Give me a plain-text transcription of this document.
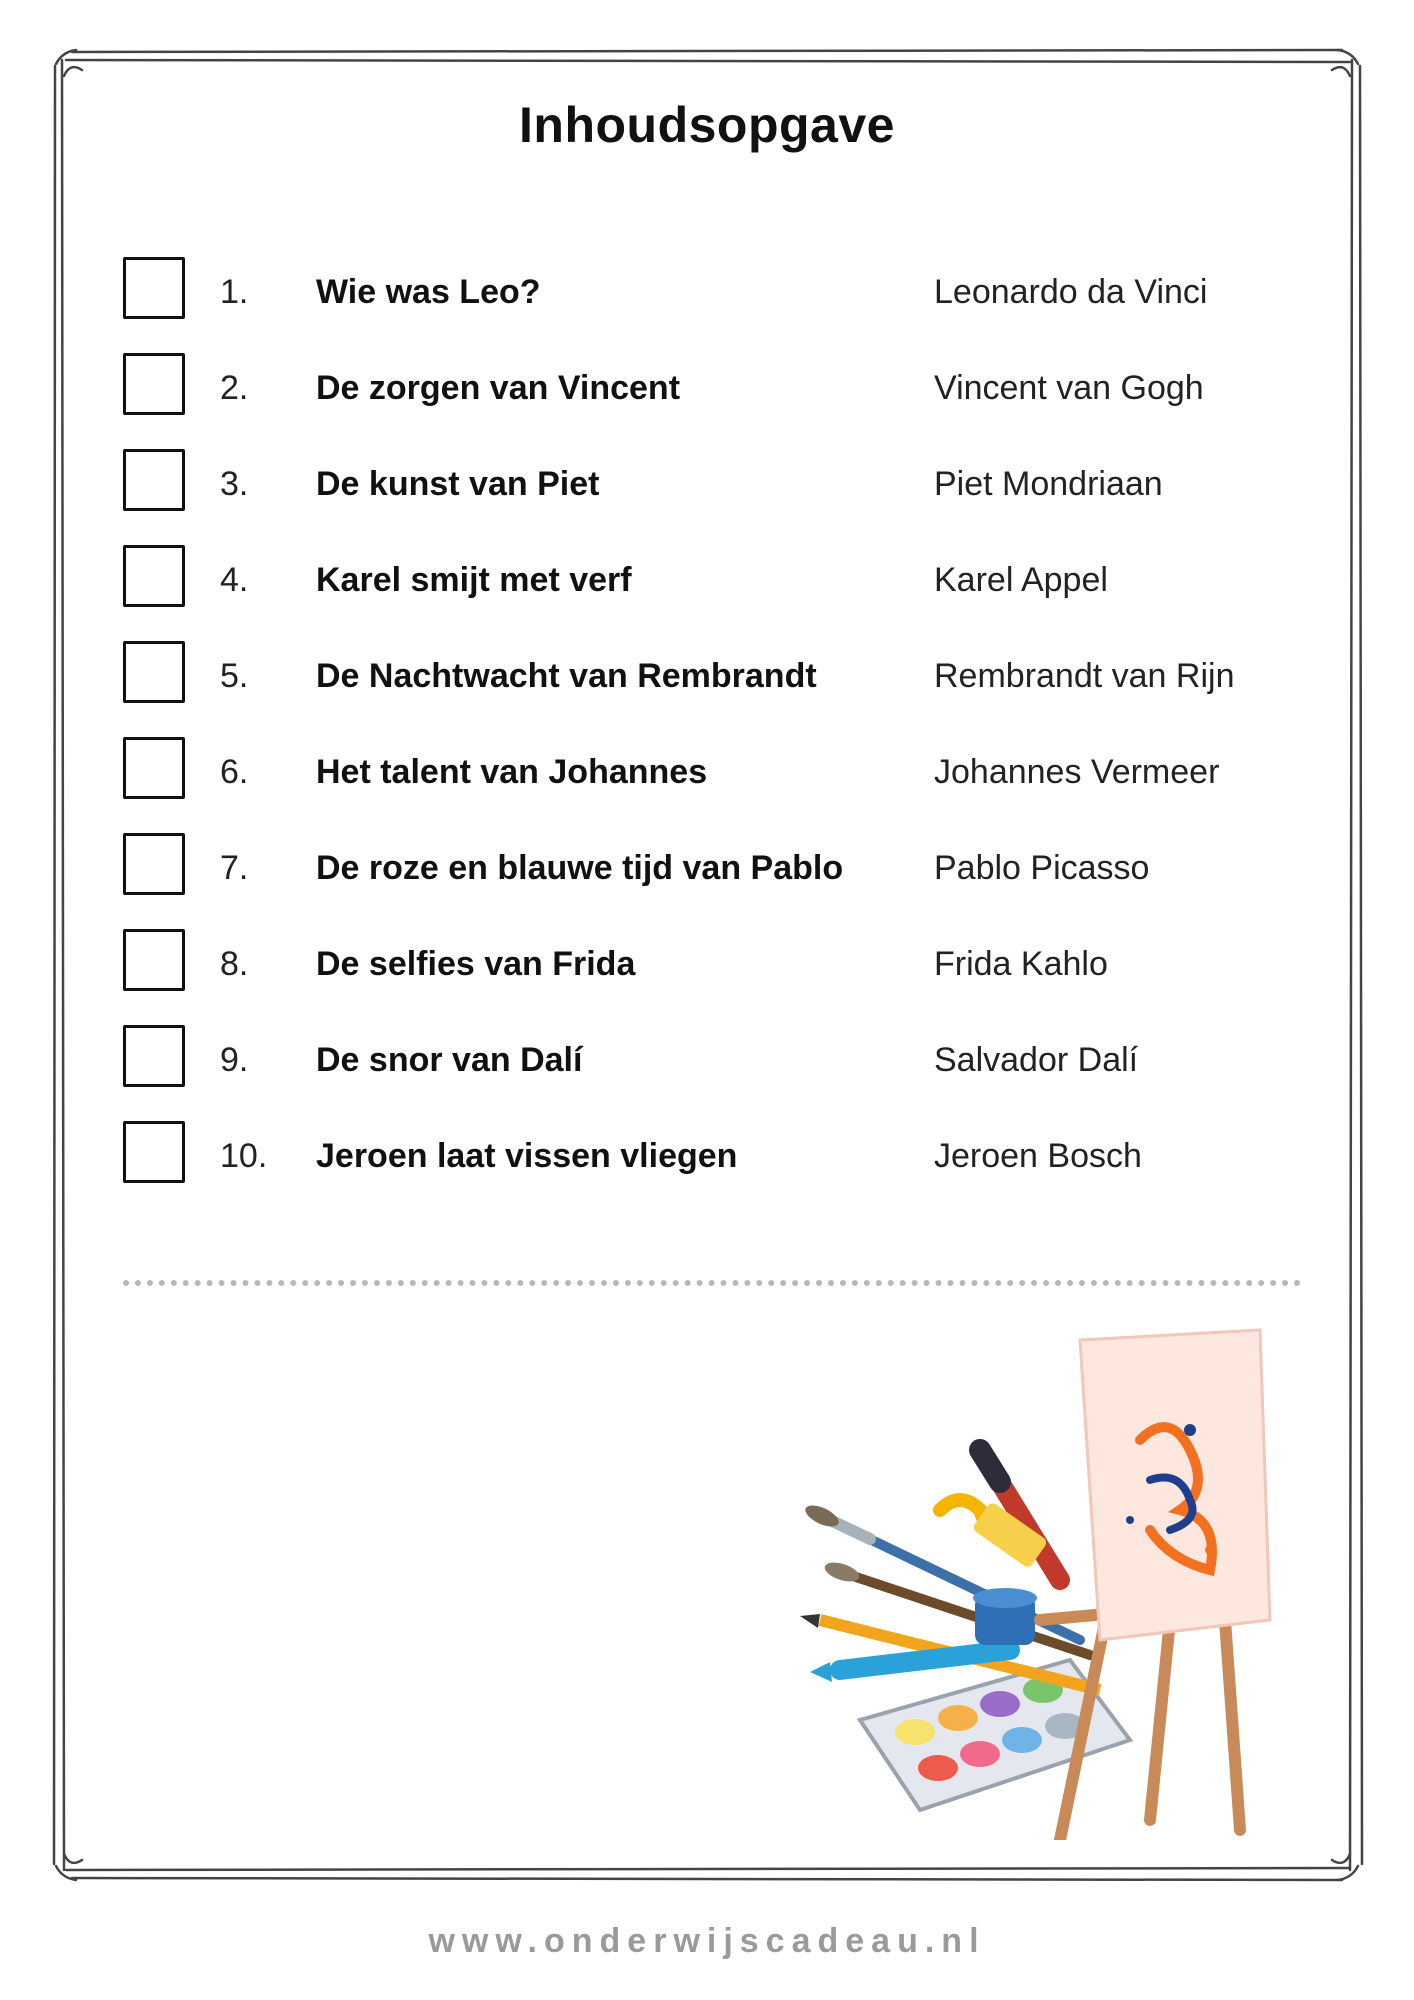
Inhoudsopgave
1. Wie was Leo?	Leonardo da Vinci
2. De zorgen van Vincent	Vincent van Gogh
3. De kunst van Piet	Piet Mondriaan
4. Karel smijt met verf	Karel Appel
5. De Nachtwacht van Rembrandt	Rembrandt van Rijn
6. Het talent van Johannes	Johannes Vermeer
7. De roze en blauwe tijd van Pablo	Pablo Picasso
8. De selfies van Frida	Frida Kahlo
9. De snor van Dalí	Salvador Dalí
10. Jeroen laat vissen vliegen	Jeroen Bosch
www.onderwijscadeau.nl
